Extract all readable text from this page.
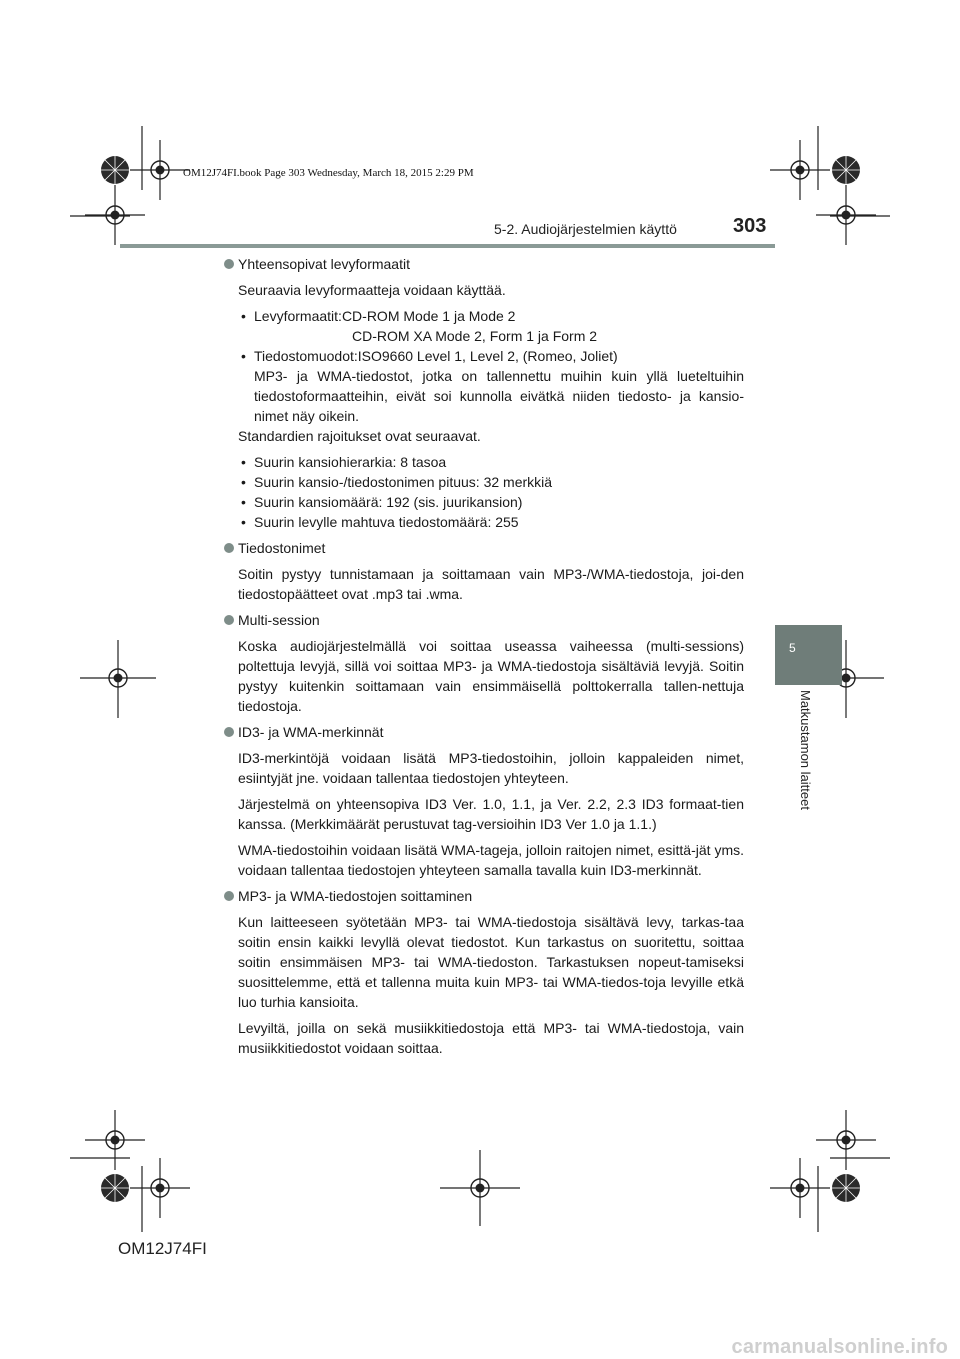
OM12J74FI.book Page 303 Wednesday, March 18, 2015 2:29 PM
5-2. Audiojärjestelmien käyttö	303
5
Matkustamon laitteet
Yhteensopivat levyformaatit

Seuraavia levyformaatteja voidaan käyttää.

• Levyformaatit: CD-ROM Mode 1 ja Mode 2
CD-ROM XA Mode 2, Form 1 ja Form 2
• Tiedostomuodot: ISO9660 Level 1, Level 2, (Romeo, Joliet)
MP3- ja WMA-tiedostot, jotka on tallennettu muihin kuin yllä lueteltuihin tiedostoformaatteihin, eivät soi kunnolla eivätkä niiden tiedosto- ja kansio-nimet näy oikein.

Standardien rajoitukset ovat seuraavat.

• Suurin kansiohierarkia: 8 tasoa
• Suurin kansio-/tiedostonimen pituus: 32 merkkiä
• Suurin kansiomäärä: 192 (sis. juurikansion)
• Suurin levylle mahtuva tiedostomäärä: 255
Tiedostonimet

Soitin pystyy tunnistamaan ja soittamaan vain MP3-/WMA-tiedostoja, joi-den tiedostopäätteet ovat .mp3 tai .wma.

Multi-session

Koska audiojärjestelmällä voi soittaa useassa vaiheessa (multi-sessions) poltettuja levyjä, sillä voi soittaa MP3- ja WMA-tiedostoja sisältäviä levyjä. Soitin pystyy kuitenkin soittamaan vain ensimmäisellä polttokerralla tallen-nettuja tiedostoja.

ID3- ja WMA-merkinnät

ID3-merkintöjä voidaan lisätä MP3-tiedostoihin, jolloin kappaleiden nimet, esiintyjät jne. voidaan tallentaa tiedostojen yhteyteen.

Järjestelmä on yhteensopiva ID3 Ver. 1.0, 1.1, ja Ver. 2.2, 2.3 ID3 formaat-tien kanssa. (Merkkimäärät perustuvat tag-versioihin ID3 Ver 1.0 ja 1.1.)

WMA-tiedostoihin voidaan lisätä WMA-tageja, jolloin raitojen nimet, esittä-jät yms. voidaan tallentaa tiedostojen yhteyteen samalla tavalla kuin ID3-merkinnät.

MP3- ja WMA-tiedostojen soittaminen

Kun laitteeseen syötetään MP3- tai WMA-tiedostoja sisältävä levy, tarkas-taa soitin ensin kaikki levyllä olevat tiedostot. Kun tarkastus on suoritettu, soittaa soitin ensimmäisen MP3- tai WMA-tiedoston. Tarkastuksen nopeut-tamiseksi suosittelemme, että et tallenna muita kuin MP3- tai WMA-tiedos-toja levyille etkä luo turhia kansioita.

Levyiltä, joilla on sekä musiikkitiedostoja että MP3- tai WMA-tiedostoja, vain musiikkitiedostot voidaan soittaa.

OM12J74FI
carmanualsonline.info
